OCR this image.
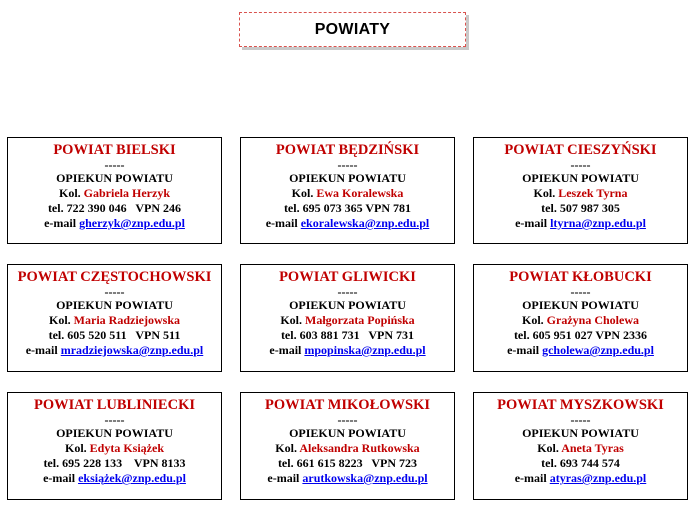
POWIATY
POWIAT BIELSKI
-----
OPIEKUN POWIATU
Kol. Gabriela Herzyk
tel. 722 390 046   VPN 246
e-mail gherzyk@znp.edu.pl
POWIAT BĘDZIŃSKI
-----
OPIEKUN POWIATU
Kol. Ewa Koralewska
tel. 695 073 365 VPN 781
e-mail ekoralewska@znp.edu.pl
POWIAT CIESZYŃSKI
-----
OPIEKUN POWIATU
Kol. Leszek Tyrna
tel. 507 987 305
e-mail ltyrna@znp.edu.pl
POWIAT CZĘSTOCHOWSKI
-----
OPIEKUN POWIATU
Kol. Maria Radziejowska
tel. 605 520 511   VPN 511
e-mail mradziejowska@znp.edu.pl
POWIAT GLIWICKI
-----
OPIEKUN POWIATU
Kol. Małgorzata Popińska
tel. 603 881 731   VPN 731
e-mail mpopinska@znp.edu.pl
POWIAT KŁOBUCKI
-----
OPIEKUN POWIATU
Kol. Grażyna Cholewa
tel. 605 951 027 VPN 2336
e-mail gcholewa@znp.edu.pl
POWIAT LUBLINIECKI
-----
OPIEKUN POWIATU
Kol. Edyta Książek
tel. 695 228 133    VPN 8133
e-mail eksiążek@znp.edu.pl
POWIAT MIKOŁOWSKI
-----
OPIEKUN POWIATU
Kol. Aleksandra Rutkowska
tel. 661 615 8223   VPN 723
e-mail arutkowska@znp.edu.pl
POWIAT MYSZKOWSKI
-----
OPIEKUN POWIATU
Kol. Aneta Tyras
tel. 693 744 574
e-mail atyras@znp.edu.pl
